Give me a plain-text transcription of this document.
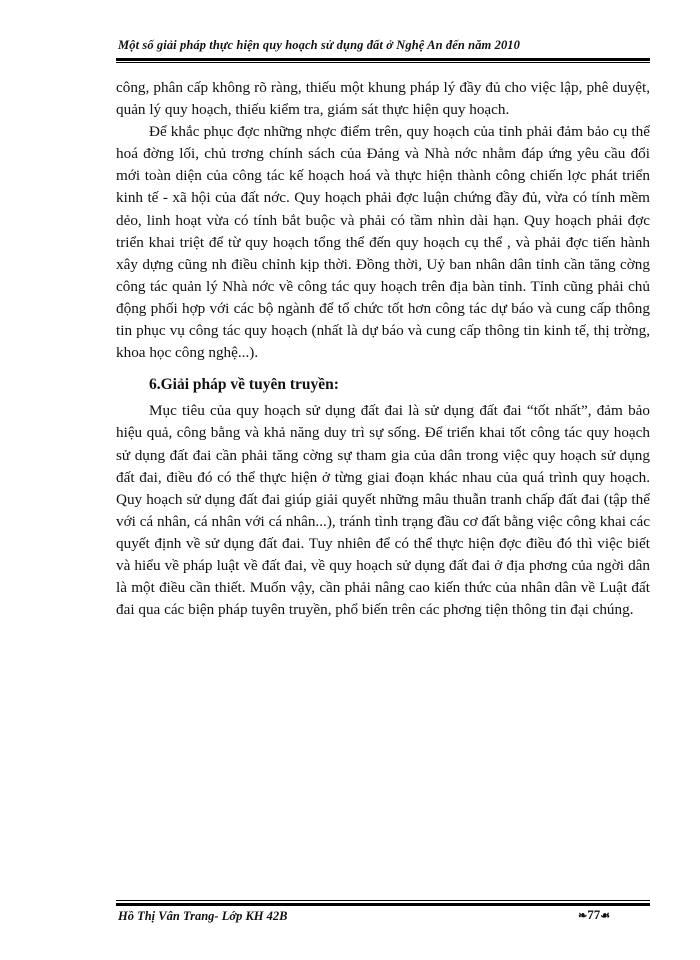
Một số giải pháp thực hiện quy hoạch sử dụng đất ở Nghệ An đến năm 2010

công, phân cấp không rõ ràng, thiếu một khung pháp lý đầy đủ cho việc lập, phê duyệt, quản lý quy hoạch, thiếu kiểm tra, giám sát thực hiện quy hoạch.

Để khắc phục đợc những nhợc điểm trên, quy hoạch của tỉnh phải đảm bảo cụ thể hoá đờng lối, chủ trơng chính sách của Đảng và Nhà nớc nhằm đáp ứng yêu cầu đổi mới toàn diện của công tác kế hoạch hoá và thực hiện thành công chiến lợc phát triển kinh tế - xã hội của đất nớc. Quy hoạch phải đợc luận chứng đầy đủ, vừa có tính mềm dẻo, linh hoạt vừa có tính bắt buộc và phải có tầm nhìn dài hạn. Quy hoạch phải đợc triển khai triệt để từ quy hoạch tổng thể đến quy hoạch cụ thể , và phải đợc tiến hành xây dựng cũng nh điều chỉnh kịp thời. Đồng thời, Uỷ ban nhân dân tỉnh cần tăng cờng công tác quản lý Nhà nớc về công tác quy hoạch trên địa bàn tỉnh. Tỉnh cũng phải chủ động phối hợp với các bộ ngành để tổ chức tốt hơn công tác dự báo và cung cấp thông tin phục vụ công tác quy hoạch (nhất là dự báo và cung cấp thông tin kinh tế, thị trờng, khoa học công nghệ...).

6.Giải pháp về tuyên truyền:

Mục tiêu của quy hoạch sử dụng đất đai là sử dụng đất đai “tốt nhất”, đảm bảo hiệu quả, công bằng và khả năng duy trì sự sống. Để triển khai tốt công tác quy hoạch sử dụng đất đai cần phải tăng cờng sự tham gia của dân trong việc quy hoạch sử dụng đất đai, điều đó có thể thực hiện ở từng giai đoạn khác nhau của quá trình quy hoạch. Quy hoạch sử dụng đất đai giúp giải quyết những mâu thuẫn tranh chấp đất đai (tập thể với cá nhân, cá nhân với cá nhân...), tránh tình trạng đầu cơ đất bằng việc công khai các quyết định về sử dụng đất đai. Tuy nhiên để có thể thực hiện đợc điều đó thì việc biết và hiểu về pháp luật về đất đai, về quy hoạch sử dụng đất đai ở địa phơng của ngời dân là một điều cần thiết. Muốn vậy, cần phải nâng cao kiến thức của nhân dân về Luật đất đai qua các biện pháp tuyên truyền, phổ biến trên các phơng tiện thông tin đại chúng.

Hồ Thị Vân Trang- Lớp KH 42B	❧77☙
